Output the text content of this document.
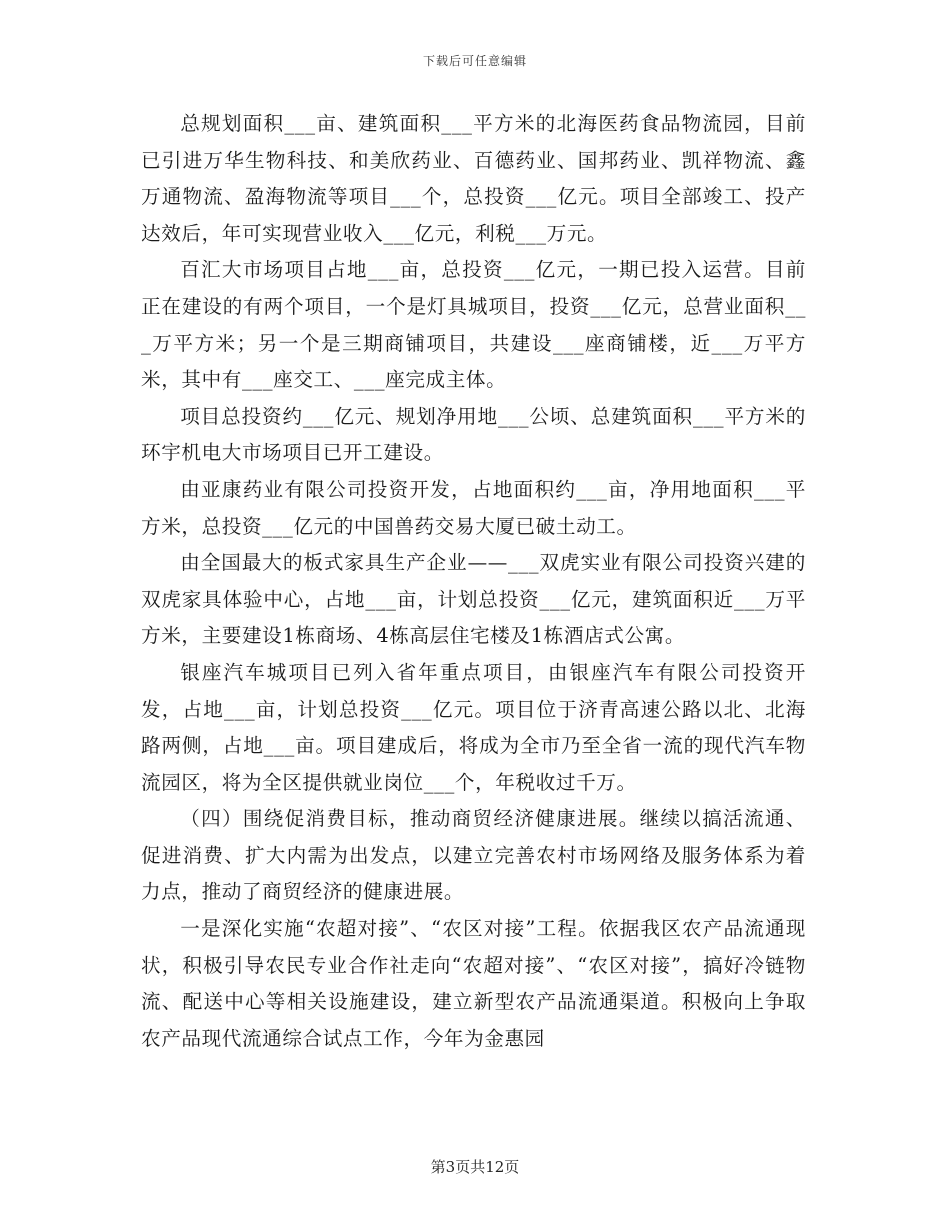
下载后可任意编辑

总规划面积___亩、建筑面积___平方米的北海医药食品物流园，目前已引进万华生物科技、和美欣药业、百德药业、国邦药业、凯祥物流、鑫万通物流、盈海物流等项目___个，总投资___亿元。项目全部竣工、投产达效后，年可实现营业收入___亿元，利税___万元。

百汇大市场项目占地___亩，总投资___亿元，一期已投入运营。目前正在建设的有两个项目，一个是灯具城项目，投资___亿元，总营业面积___万平方米；另一个是三期商铺项目，共建设___座商铺楼，近___万平方米，其中有___座交工、___座完成主体。

项目总投资约___亿元、规划净用地___公顷、总建筑面积___平方米的环宇机电大市场项目已开工建设。

由亚康药业有限公司投资开发，占地面积约___亩，净用地面积___平方米，总投资___亿元的中国兽药交易大厦已破土动工。

由全国最大的板式家具生产企业——___双虎实业有限公司投资兴建的双虎家具体验中心，占地___亩，计划总投资___亿元，建筑面积近___万平方米，主要建设1栋商场、4栋高层住宅楼及1栋酒店式公寓。

银座汽车城项目已列入省年重点项目，由银座汽车有限公司投资开发，占地___亩，计划总投资___亿元。项目位于济青高速公路以北、北海路两侧，占地___亩。项目建成后，将成为全市乃至全省一流的现代汽车物流园区，将为全区提供就业岗位___个，年税收过千万。

（四）围绕促消费目标，推动商贸经济健康进展。继续以搞活流通、促进消费、扩大内需为出发点，以建立完善农村市场网络及服务体系为着力点，推动了商贸经济的健康进展。

一是深化实施“农超对接”、“农区对接”工程。依据我区农产品流通现状，积极引导农民专业合作社走向“农超对接”、“农区对接”，搞好冷链物流、配送中心等相关设施建设，建立新型农产品流通渠道。积极向上争取农产品现代流通综合试点工作，今年为金惠园

第3页共12页
